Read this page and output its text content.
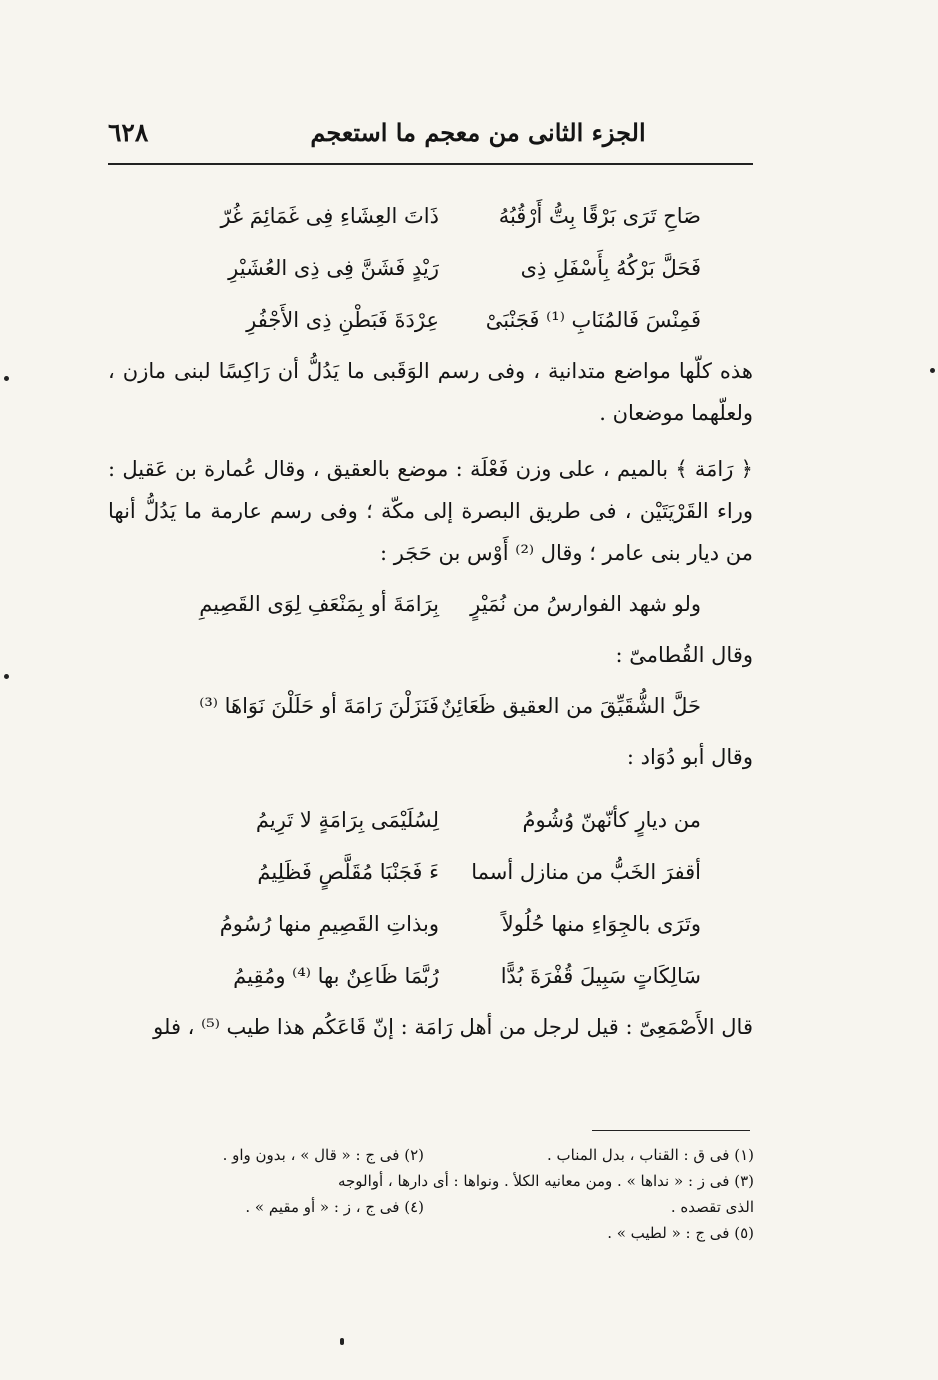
٦٢٨	الجزء الثانى من معجم ما استعجم
صَاحِ تَرَى بَرْقًا بِتُّ أَرْقُبُهُ
ذَاتَ العِشَاءِ فِى غَمَائِمَ غُرّ
فَحَلَّ بَرْكُهُ بِأَسْفَلِ ذِى
رَيْدٍ فَشَنَّ فِى ذِى العُشَيْرِ
فَمِنْسَ فَالمُنَابِ ⁽¹⁾ فَجَنْبَىْ
عِرْدَةَ فَبَطْنِ ذِى الأَجْفُرِ

هذه كلّها مواضع متدانية ، وفى رسم الوَقَبى ما يَدُلُّ أن رَاكِسًا لبنى مازن ، ولعلّهما موضعان .

﴿ رَامَة ﴾ بالميم ، على وزن فَعْلَة : موضع بالعقيق ، وقال عُمارة بن عَقيل : وراء القَرْيَتَيْن ، فى طريق البصرة إلى مكّة ؛ وفى رسم عارمة ما يَدُلُّ أنها من ديار بنى عامر ؛ وقال ⁽²⁾ أَوْس بن حَجَر :

ولو شهد الفوارسُ من نُمَيْرٍ
بِرَامَةَ أو بِمَنْعَفِ لِوَى القَصِيمِ

وقال القُطامىّ :

حَلَّ الشُّقَيِّقَ من العقيق ظَعَائِنٌ
فَنَزَلْنَ رَامَةَ أو حَلَلْنَ نَوَاهَا ⁽³⁾

وقال أبو دُوَاد :

من ديارٍ كأنّهنّ وُشُومُ
لِسُلَيْمَى بِرَامَةٍ لا تَرِيمُ
أقفرَ الخَبُّ من منازل أسما
ءَ فَجَنْبَا مُقَلَّصٍ فَظَلِيمُ
وتَرَى بالجِوَاءِ منها حُلُولاً
وبذاتِ القَصِيمِ منها رُسُومُ
سَالِكَاتٍ سَبِيلَ قُفْرَةَ بُدًّا
رُبَّمَا ظَاعِنٌ بها ⁽⁴⁾ ومُقِيمُ

قال الأَصْمَعِىّ : قيل لرجل من أهل رَامَة : إنّ قَاعَكُم هذا طيب ⁽⁵⁾ ، فلو

(١) فى ق : القناب ، بدل المناب .
(٢) فى ج : « قال » ، بدون واو .
(٣) فى ز : « نداها » . ومن معانيه الكلأ . ونواها : أى دارها ، أوالوجه
الذى تقصده .
(٤) فى ج ، ز : « أو مقيم » .
(٥) فى ج : « لطيب » .
